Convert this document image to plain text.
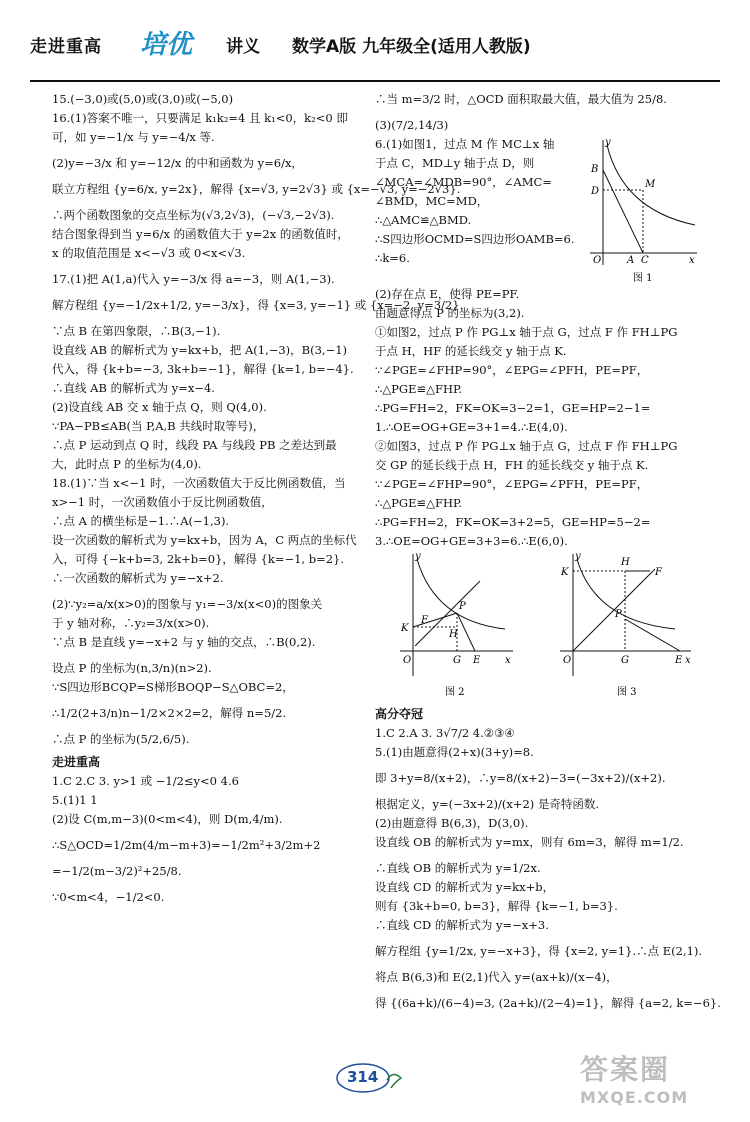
走进重高 培优 讲义 数学A版 九年级全(适用人教版)

15.(−3,0)或(5,0)或(3,0)或(−5,0)

16.(1)答案不唯一，只要满足 k₁k₂=4 且 k₁<0，k₂<0 即

可，如 y=−1/x 与 y=−4/x 等.

(2)y=−3/x 和 y=−12/x 的中和函数为 y=6/x，

联立方程组 {y=6/x, y=2x}，解得 {x=√3, y=2√3} 或 {x=−√3, y=−2√3}.

∴两个函数图象的交点坐标为(√3,2√3)，(−√3,−2√3).

结合图象得到当 y=6/x 的函数值大于 y=2x 的函数值时，

x 的取值范围是 x<−√3 或 0<x<√3.

17.(1)把 A(1,a)代入 y=−3/x 得 a=−3，则 A(1,−3).

解方程组 {y=−1/2x+1/2, y=−3/x}，得 {x=3, y=−1} 或 {x=−2, y=3/2}.

∵点 B 在第四象限，∴B(3,−1).

设直线 AB 的解析式为 y=kx+b，把 A(1,−3)，B(3,−1)

代入，得 {k+b=−3, 3k+b=−1}，解得 {k=1, b=−4}.

∴直线 AB 的解析式为 y=x−4.

(2)设直线 AB 交 x 轴于点 Q，则 Q(4,0).

∵PA−PB≤AB(当 P,A,B 共线时取等号)，

∴点 P 运动到点 Q 时，线段 PA 与线段 PB 之差达到最

大，此时点 P 的坐标为(4,0).

18.(1)∵当 x<−1 时，一次函数值大于反比例函数值，当

x>−1 时，一次函数值小于反比例函数值，

∴点 A 的横坐标是−1.∴A(−1,3).

设一次函数的解析式为 y=kx+b，因为 A，C 两点的坐标代

入，可得 {−k+b=3, 2k+b=0}，解得 {k=−1, b=2}.

∴一次函数的解析式为 y=−x+2.

(2)∵y₂=a/x(x>0)的图象与 y₁=−3/x(x<0)的图象关

于 y 轴对称，∴y₂=3/x(x>0).

∵点 B 是直线 y=−x+2 与 y 轴的交点，∴B(0,2).

设点 P 的坐标为(n,3/n)(n>2).

∵S四边形BCQP=S梯形BOQP−S△OBC=2，

∴1/2(2+3/n)n−1/2×2×2=2，解得 n=5/2.

∴点 P 的坐标为(5/2,6/5).

走进重高

1.C 2.C 3. y>1 或 −1/2≤y<0 4.6

5.(1)1 1

(2)设 C(m,m−3)(0<m<4)，则 D(m,4/m).

∴S△OCD=1/2m(4/m−m+3)=−1/2m²+3/2m+2

=−1/2(m−3/2)²+25/8.

∵0<m<4，−1/2<0.

∴当 m=3/2 时，△OCD 面积取最大值，最大值为 25/8.

(3)(7/2,14/3)

6.(1)如图1，过点 M 作 MC⊥x 轴

于点 C，MD⊥y 轴于点 D，则

∠MCA=∠MDB=90°，∠AMC=

∠BMD，MC=MD，

∴△AMC≌△BMD.

∴S四边形OCMD=S四边形OAMB=6.

∴k=6.

y
B
D
M
O	A C	x
图 1

(2)存在点 E，使得 PE=PF.

由题意得点 P 的坐标为(3,2).

①如图2，过点 P 作 PG⊥x 轴于点 G，过点 F 作 FH⊥PG

于点 H，HF 的延长线交 y 轴于点 K.

∵∠PGE=∠FHP=90°，∠EPG=∠PFH，PE=PF，

∴△PGE≌△FHP.

∴PG=FH=2，FK=OK=3−2=1，GE=HP=2−1=

1.∴OE=OG+GE=3+1=4.∴E(4,0).

②如图3，过点 P 作 PG⊥x 轴于点 G，过点 F 作 FH⊥PG

交 GP 的延长线于点 H，FH 的延长线交 y 轴于点 K.

∵∠PGE=∠FHP=90°，∠EPG=∠PFH，PE=PF，

∴△PGE≌△FHP.

∴PG=FH=2，FK=OK=3+2=5，GE=HP=5−2=

3.∴OE=OG+GE=3+3=6.∴E(6,0).

y
K
F
P
H
O	G E x
图 2
y
K
H
F
P
O	G	E x
图 3

高分夺冠

1.C 2.A 3. 3√7/2 4.②③④

5.(1)由题意得(2+x)(3+y)=8.

即 3+y=8/(x+2)，∴y=8/(x+2)−3=(−3x+2)/(x+2).

根据定义，y=(−3x+2)/(x+2) 是奇特函数.

(2)由题意得 B(6,3)，D(3,0).

设直线 OB 的解析式为 y=mx，则有 6m=3，解得 m=1/2.

∴直线 OB 的解析式为 y=1/2x.

设直线 CD 的解析式为 y=kx+b，

则有 {3k+b=0, b=3}，解得 {k=−1, b=3}.

∴直线 CD 的解析式为 y=−x+3.

解方程组 {y=1/2x, y=−x+3}，得 {x=2, y=1}.∴点 E(2,1).

将点 B(6,3)和 E(2,1)代入 y=(ax+k)/(x−4)，

得 {(6a+k)/(6−4)=3, (2a+k)/(2−4)=1}，解得 {a=2, k=−6}.

314	答案圈
MXQE.COM
